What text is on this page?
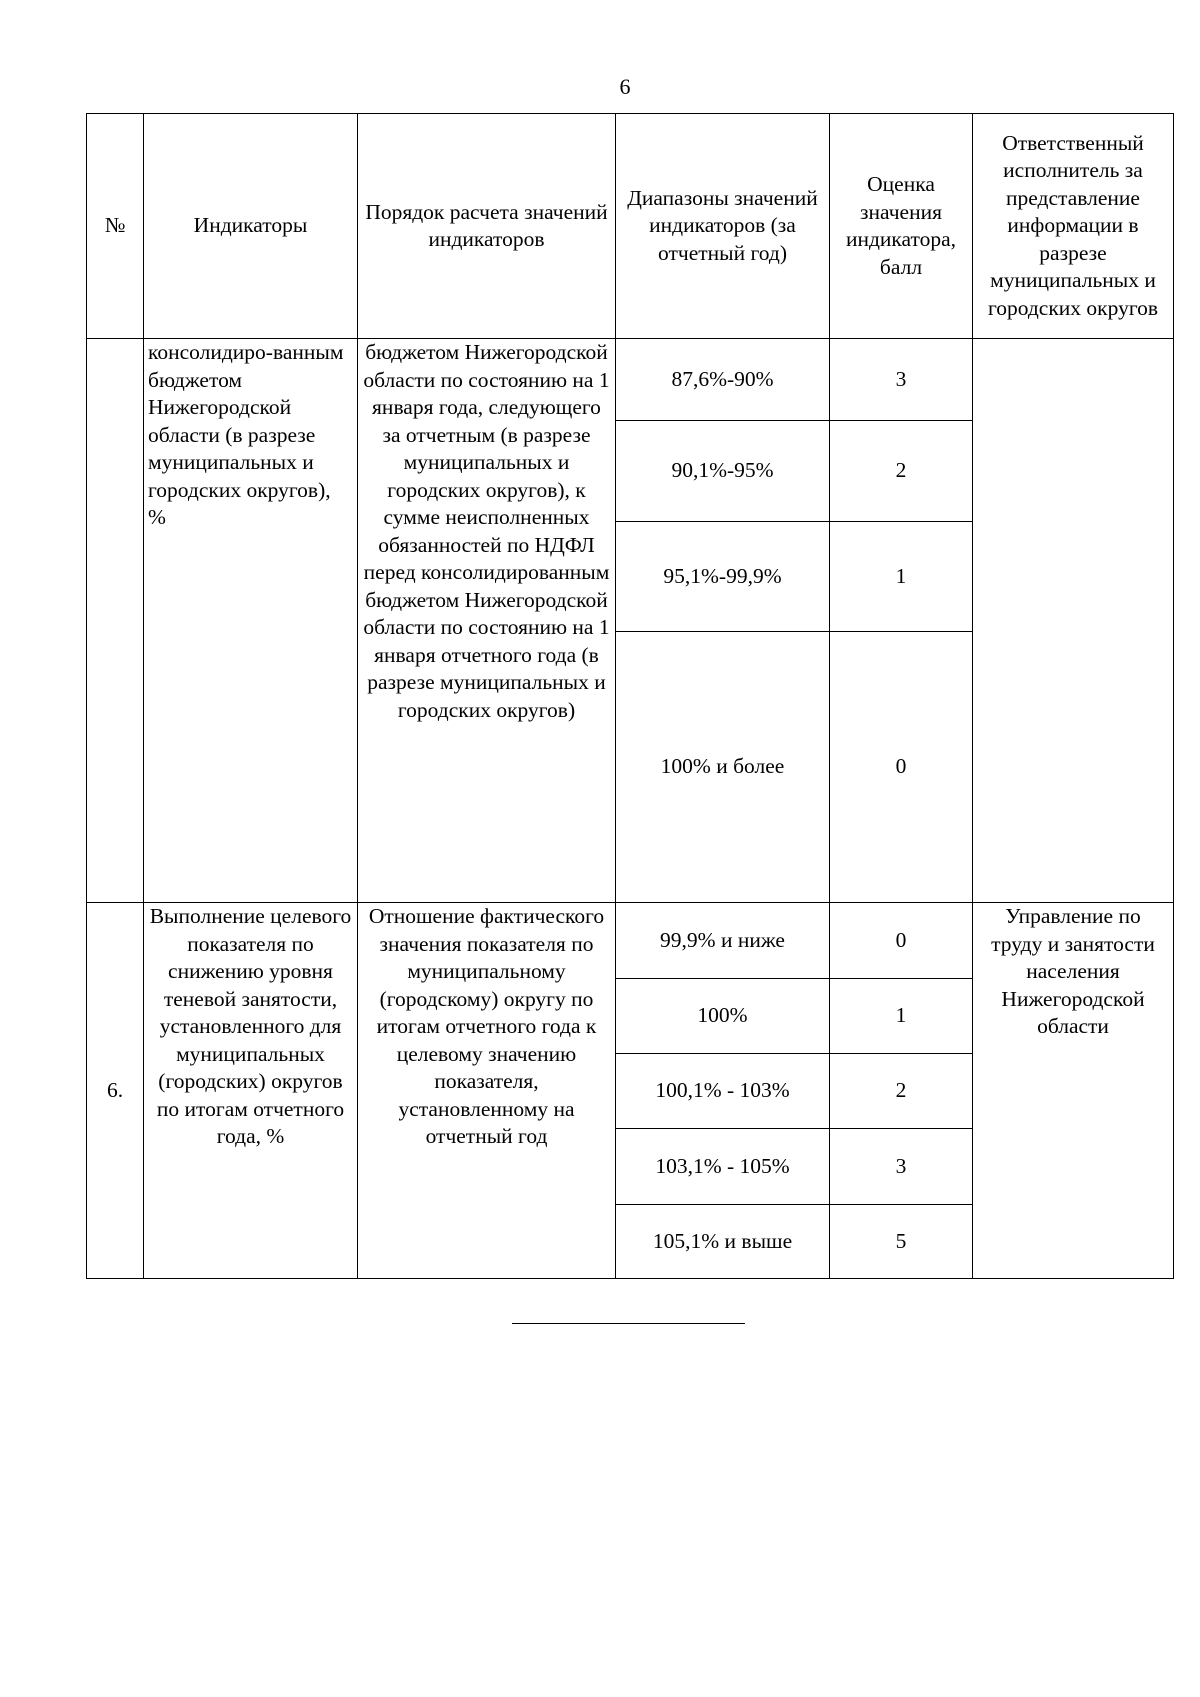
6
№	Индикаторы	Порядок расчета значений индикаторов	Диапазоны значений индикаторов (за отчетный год)	Оценка значения индикатора, балл	Ответственный исполнитель за представление информации в разрезе муниципальных и городских округов
	консолидиро-ванным бюджетом Нижегородской области (в разрезе муниципальных и городских округов), %	бюджетом Нижегородской области по состоянию на 1 января года, следующего за отчетным (в разрезе муниципальных и городских округов), к сумме неисполненных обязанностей по НДФЛ перед консолидированным бюджетом Нижегородской области по состоянию на 1 января отчетного года (в разрезе муниципальных и городских округов)	87,6%-90%	3	
			90,1%-95%	2	
			95,1%-99,9%	1	
			100% и более	0	
6.	Выполнение целевого показателя по снижению уровня теневой занятости, установленного для муниципальных (городских) округов по итогам отчетного года, %	Отношение фактического значения показателя по муниципальному (городскому) округу по итогам отчетного года к целевому значению показателя, установленному на отчетный год	99,9% и ниже	0	Управление по труду и занятости населения Нижегородской области
			100%	1	
			100,1% - 103%	2	
			103,1% - 105%	3	
			105,1% и выше	5	
